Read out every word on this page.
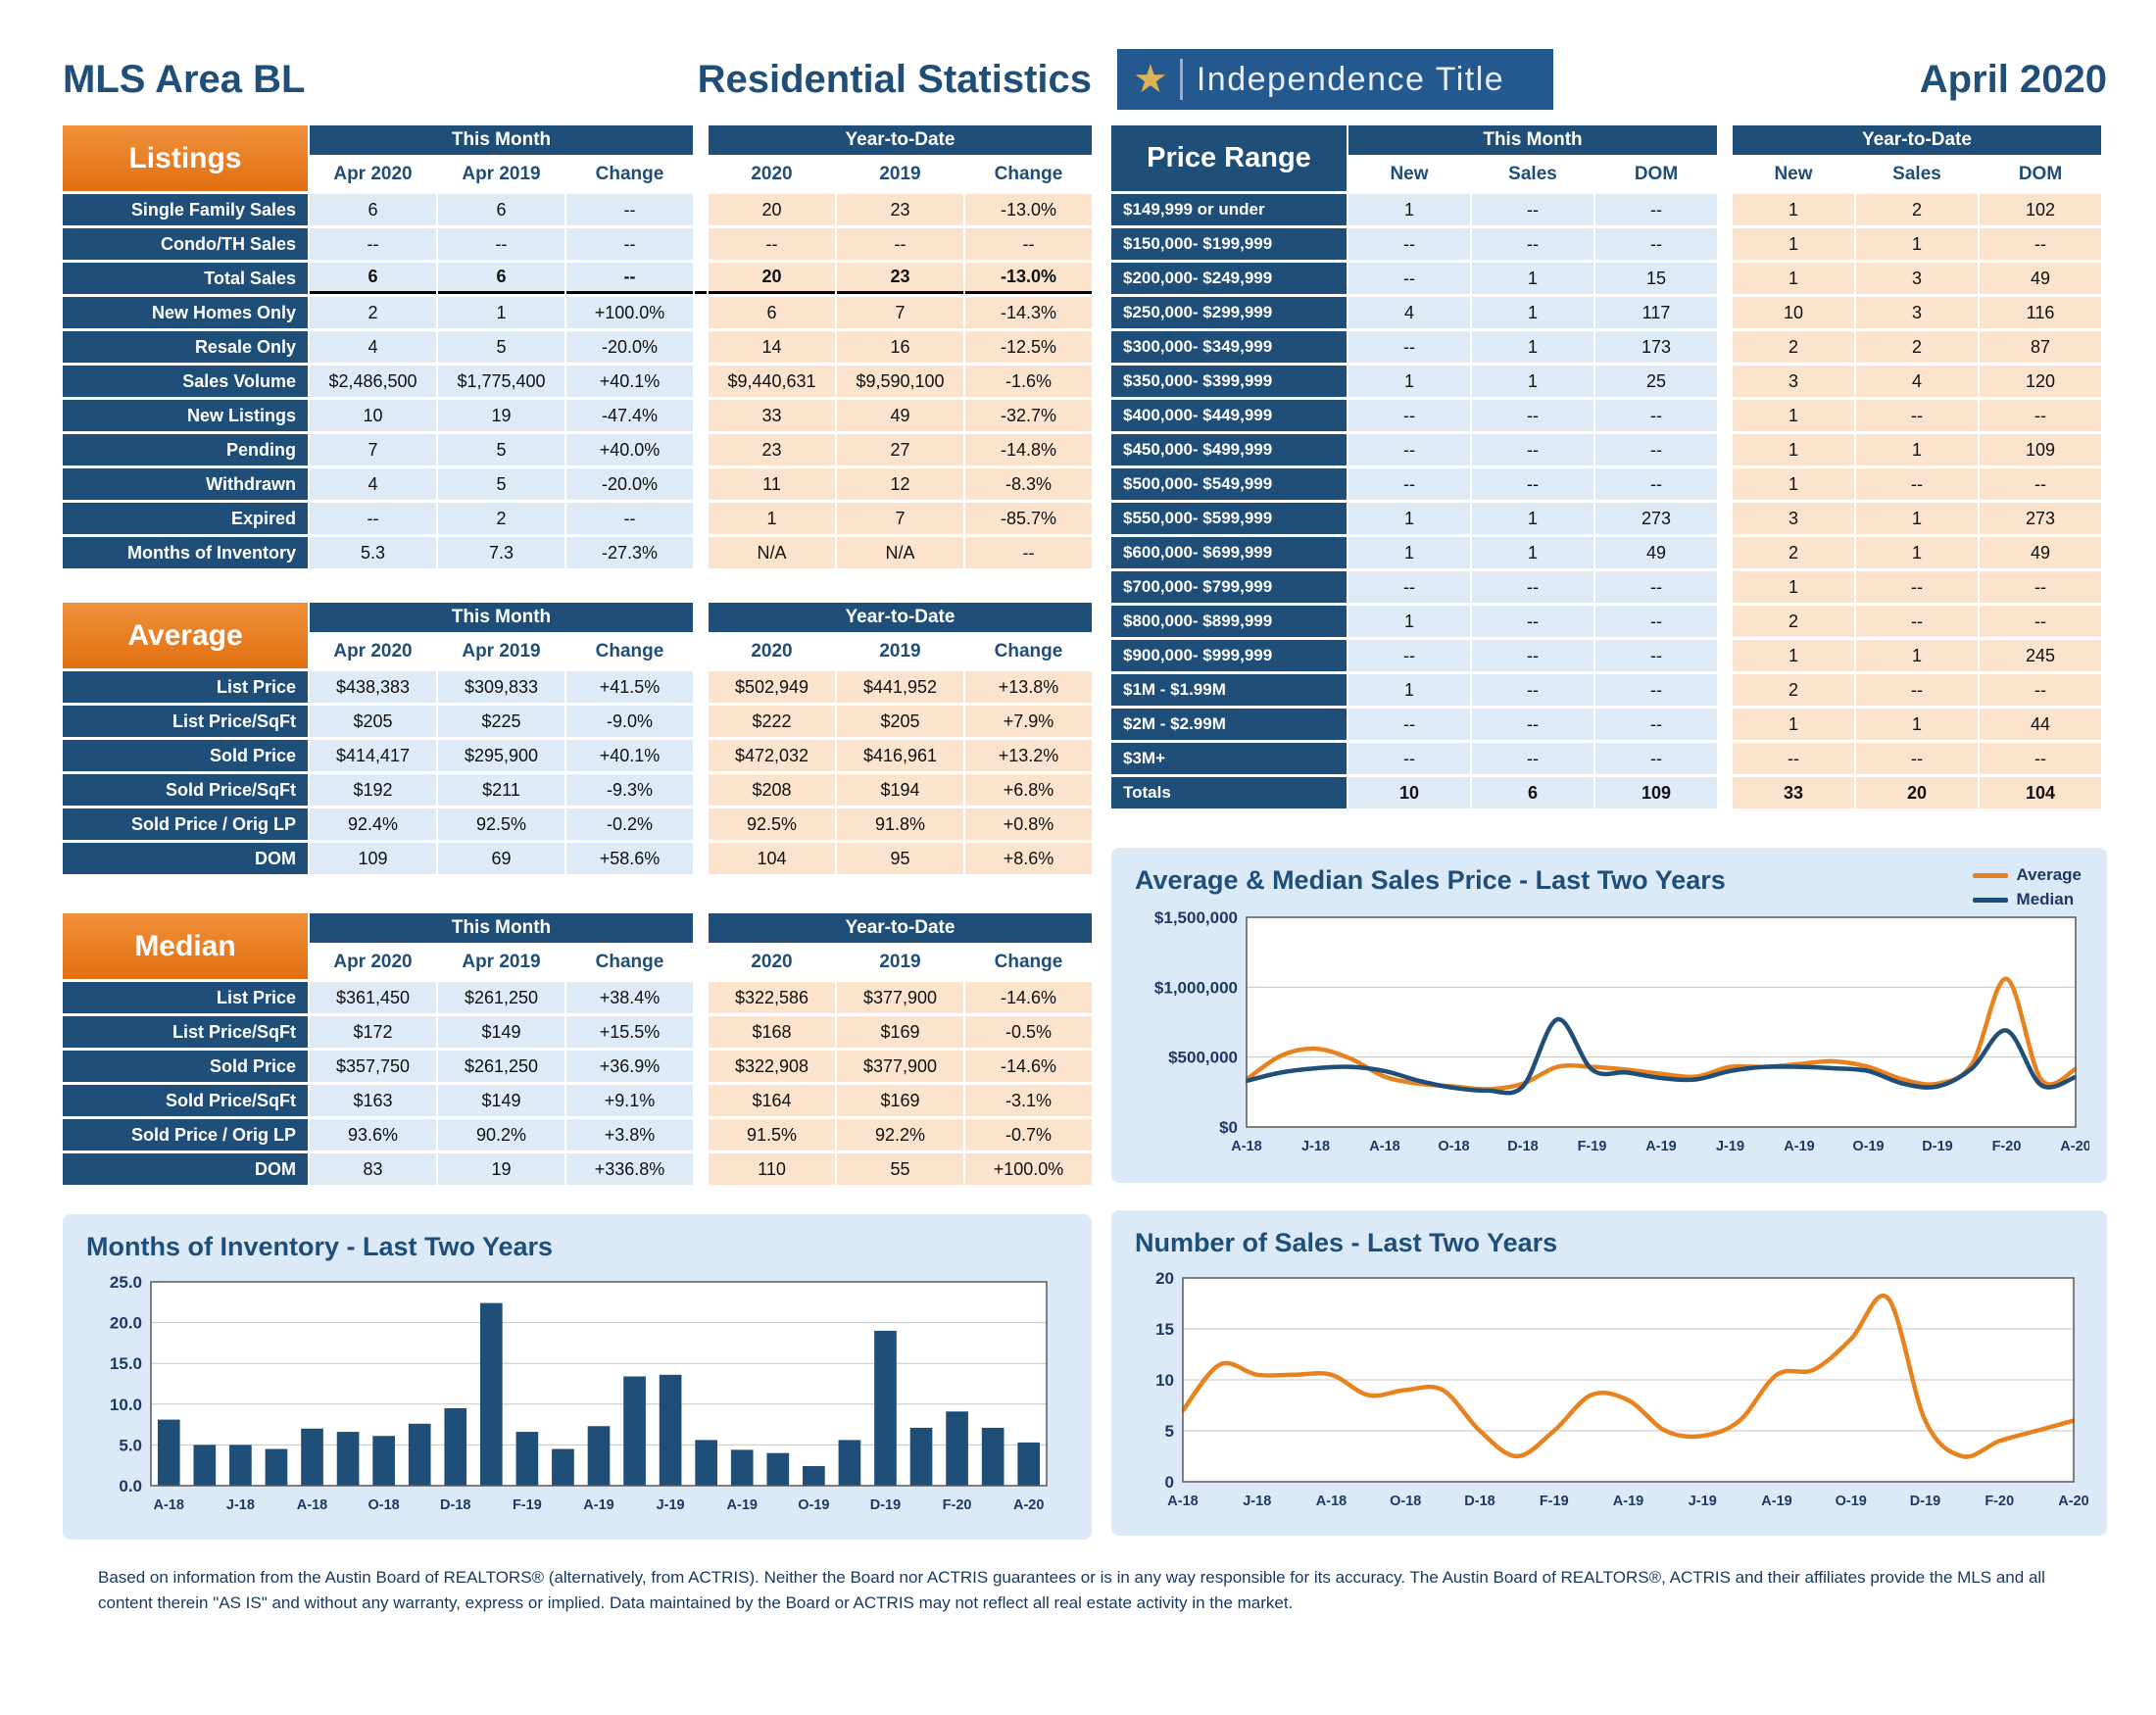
MLS Area BL	Residential Statistics ★ Independence Title	April 2020
Listings
This Month	Year-to-Date
Apr 2020	Apr 2019	Change	2020	2019	Change
Single Family Sales	6	6	--	20	23	-13.0%
Condo/TH Sales	--	--	--	--	--	--
Total Sales	6	6	--	20	23	-13.0%
New Homes Only	2	1	+100.0%	6	7	-14.3%
Resale Only	4	5	-20.0%	14	16	-12.5%
Sales Volume	$2,486,500	$1,775,400	+40.1%	$9,440,631	$9,590,100	-1.6%
New Listings	10	19	-47.4%	33	49	-32.7%
Pending	7	5	+40.0%	23	27	-14.8%
Withdrawn	4	5	-20.0%	11	12	-8.3%
Expired	--	2	--	1	7	-85.7%
Months of Inventory	5.3	7.3	-27.3%	N/A	N/A	--
Average
This Month	Year-to-Date
Apr 2020	Apr 2019	Change	2020	2019	Change
List Price	$438,383	$309,833	+41.5%	$502,949	$441,952	+13.8%
List Price/SqFt	$205	$225	-9.0%	$222	$205	+7.9%
Sold Price	$414,417	$295,900	+40.1%	$472,032	$416,961	+13.2%
Sold Price/SqFt	$192	$211	-9.3%	$208	$194	+6.8%
Sold Price / Orig LP	92.4%	92.5%	-0.2%	92.5%	91.8%	+0.8%
DOM	109	69	+58.6%	104	95	+8.6%
Median
This Month	Year-to-Date
Apr 2020	Apr 2019	Change	2020	2019	Change
List Price	$361,450	$261,250	+38.4%	$322,586	$377,900	-14.6%
List Price/SqFt	$172	$149	+15.5%	$168	$169	-0.5%
Sold Price	$357,750	$261,250	+36.9%	$322,908	$377,900	-14.6%
Sold Price/SqFt	$163	$149	+9.1%	$164	$169	-3.1%
Sold Price / Orig LP	93.6%	90.2%	+3.8%	91.5%	92.2%	-0.7%
DOM	83	19	+336.8%	110	55	+100.0%
Months of Inventory - Last Two Years
0.0
5.0
10.0
15.0
20.0
25.0
A-18	J-18	A-18	O-18	D-18	F-19	A-19	J-19	A-19	O-19	D-19	F-20	A-20
Price Range
This Month	Year-to-Date
New	Sales	DOM	New	Sales	DOM
$149,999 or under	1	--	--	1	2	102
$150,000- $199,999	--	--	--	1	1	--
$200,000- $249,999	--	1	15	1	3	49
$250,000- $299,999	4	1	117	10	3	116
$300,000- $349,999	--	1	173	2	2	87
$350,000- $399,999	1	1	25	3	4	120
$400,000- $449,999	--	--	--	1	--	--
$450,000- $499,999	--	--	--	1	1	109
$500,000- $549,999	--	--	--	1	--	--
$550,000- $599,999	1	1	273	3	1	273
$600,000- $699,999	1	1	49	2	1	49
$700,000- $799,999	--	--	--	1	--	--
$800,000- $899,999	1	--	--	2	--	--
$900,000- $999,999	--	--	--	1	1	245
$1M - $1.99M	1	--	--	2	--	--
$2M - $2.99M	--	--	--	1	1	44
$3M+	--	--	--	--	--	--
Totals	10	6	109	33	20	104
Average & Median Sales Price - Last Two Years	Average
Median
$0
$500,000
$1,000,000
$1,500,000
A-18	J-18	A-18	O-18	D-18	F-19	A-19	J-19	A-19	O-19	D-19	F-20	A-20
Number of Sales - Last Two Years
0
5
10
15
20
A-18	J-18	A-18	O-18	D-18	F-19	A-19	J-19	A-19	O-19	D-19	F-20	A-20
Based on information from the Austin Board of REALTORS® (alternatively, from ACTRIS). Neither the Board nor ACTRIS guarantees or is in any way responsible for its accuracy. The Austin Board of REALTORS®, ACTRIS and their affiliates provide the MLS and all content therein "AS IS" and without any warranty, express or implied. Data maintained by the Board or ACTRIS may not reflect all real estate activity in the market.
